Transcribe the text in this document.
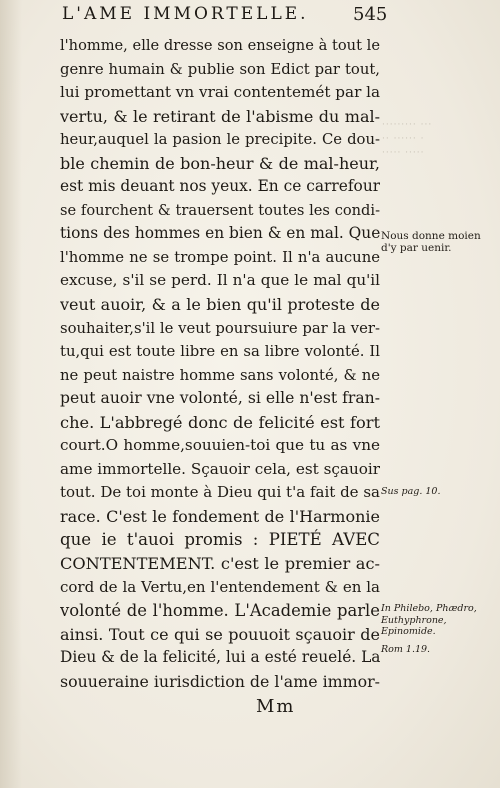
L'AME IMMORTELLE.	545
l'homme, elle dresse son enseigne à tout le
genre humain & publie son Edict par tout,
lui promettant vn vrai contentemét par la
vertu, & le retirant de l'abisme du mal-
heur,auquel la pasion le precipite. Ce dou-
ble chemin de bon-heur & de mal-heur,
est mis deuant nos yeux. En ce carrefour
se fourchent & trauersent toutes les condi-
tions des hommes en bien & en mal. Que
l'homme ne se trompe point. Il n'a aucune
excuse, s'il se perd. Il n'a que le mal qu'il
veut auoir, & a le bien qu'il proteste de
souhaiter,s'il le veut poursuiure par la ver-
tu,qui est toute libre en sa libre volonté. Il
ne peut naistre homme sans volonté, & ne
peut auoir vne volonté, si elle n'est fran-
che. L'abbregé donc de felicité est fort
court.O homme,souuien-toi que tu as vne
ame immortelle. Sçauoir cela, est sçauoir
tout. De toi monte à Dieu qui t'a fait de sa
race. C'est le fondement de l'Harmonie
que ie t'auoi promis : PIETÉ AVEC
CONTENTEMENT. c'est le premier ac-
cord de la Vertu,en l'entendement & en la
volonté de l'homme. L'Academie parle
ainsi. Tout ce qui se pouuoit sçauoir de
Dieu & de la felicité, lui a esté reuelé. La
souueraine iurisdiction de l'ame immor-
········· ···
·· ······ ·
····· ·····
Nous donne moien d'y par uenir.
Sus pag. 10.
In Philebo, Phædro, Euthyphrone, Epinomide.
Rom 1.19.
Mm
